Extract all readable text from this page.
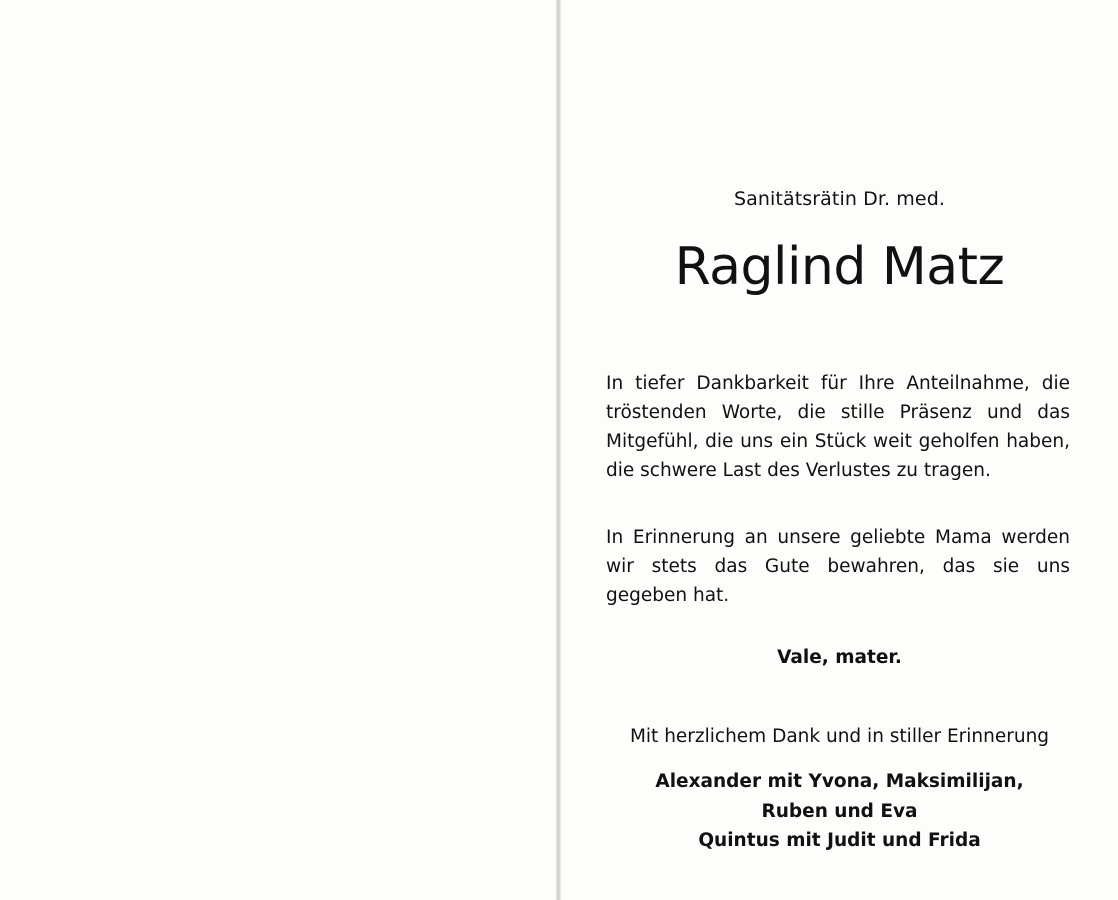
Sanitätsrätin Dr. med.
Raglind Matz

In tiefer Dankbarkeit für Ihre Anteilnahme, die tröstenden Worte, die stille Präsenz und das Mitgefühl, die uns ein Stück weit geholfen haben, die schwere Last des Verlustes zu tragen.

In Erinnerung an unsere geliebte Mama werden wir stets das Gute bewahren, das sie uns gegeben hat.

Vale, mater.
Mit herzlichem Dank und in stiller Erinnerung
Alexander mit Yvona, Maksimilijan,
Ruben und Eva
Quintus mit Judit und Frida
